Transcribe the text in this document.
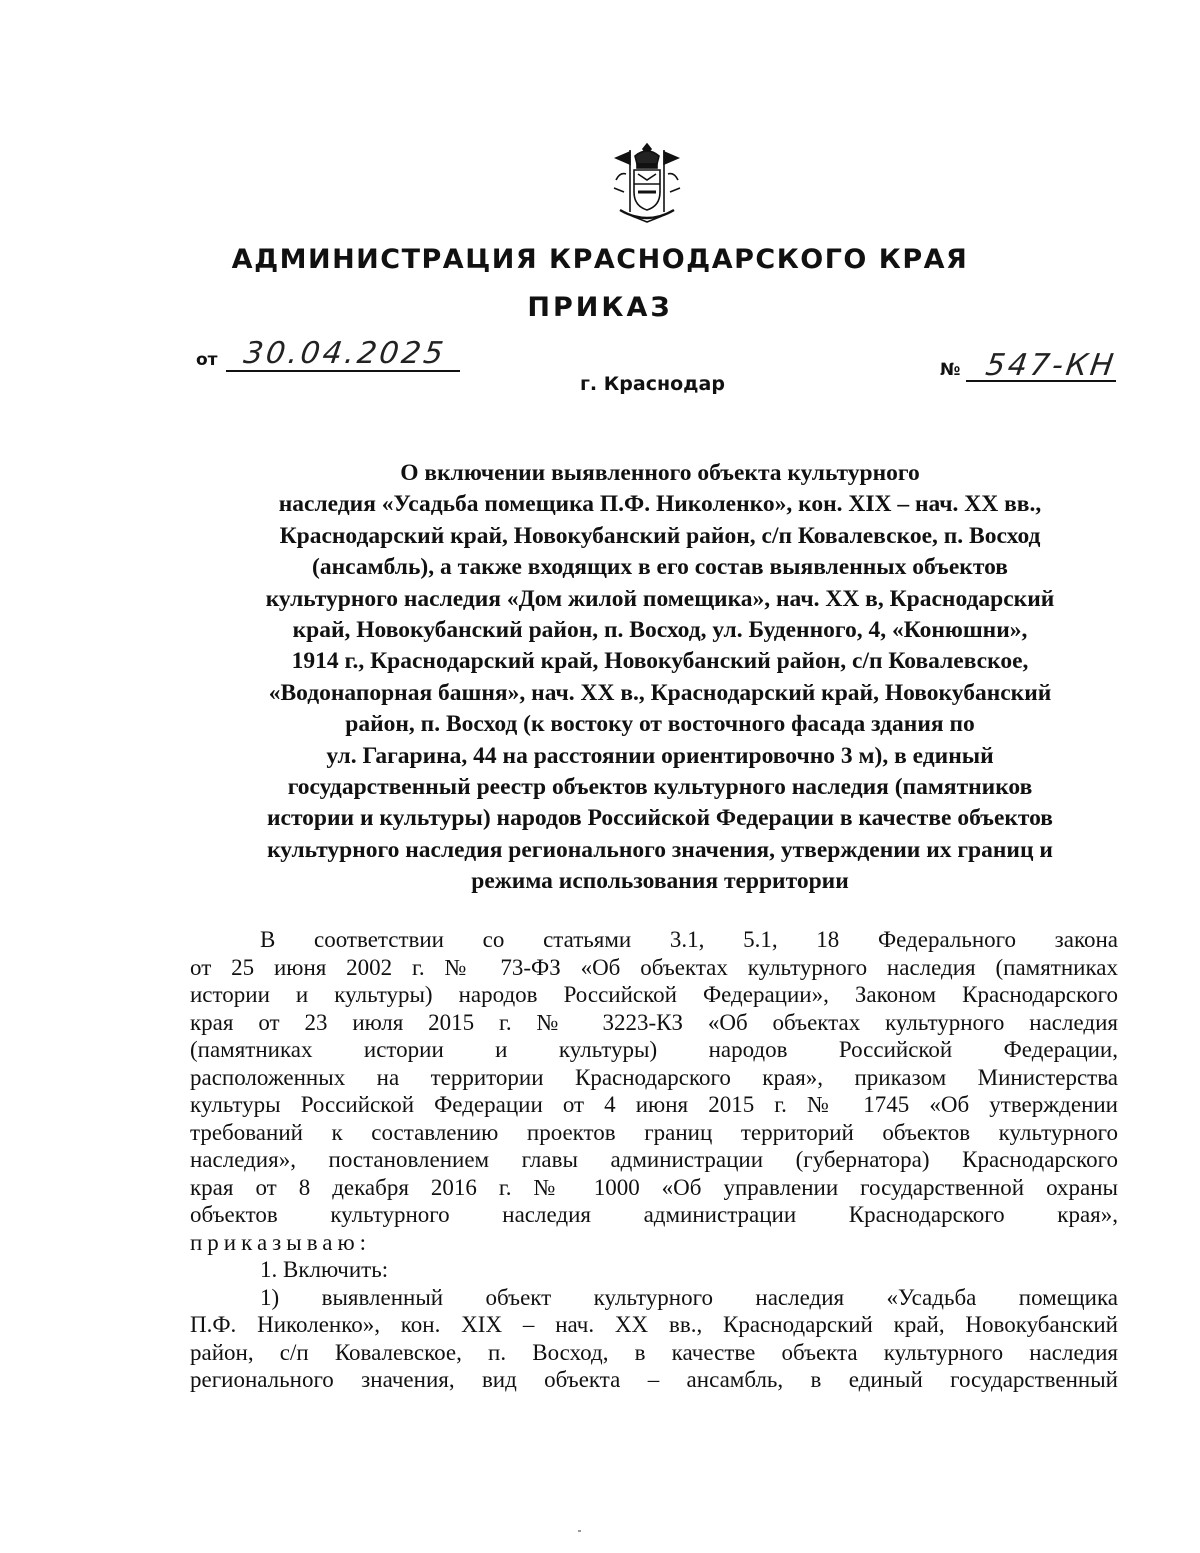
АДМИНИСТРАЦИЯ КРАСНОДАРСКОГО КРАЯ
ПРИКАЗ
от 30.04.2025
г. Краснодар
№ 547-КН
О включении выявленного объекта культурного
наследия «Усадьба помещика П.Ф. Николенко», кон. XIX – нач. XX вв.,
Краснодарский край, Новокубанский район, с/п Ковалевское, п. Восход
(ансамбль), а также входящих в его состав выявленных объектов
культурного наследия «Дом жилой помещика», нач. XX в, Краснодарский
край, Новокубанский район, п. Восход, ул. Буденного, 4, «Конюшни»,
1914 г., Краснодарский край, Новокубанский район, с/п Ковалевское,
«Водонапорная башня», нач. XX в., Краснодарский край, Новокубанский
район, п. Восход (к востоку от восточного фасада здания по
ул. Гагарина, 44 на расстоянии ориентировочно 3 м), в единый
государственный реестр объектов культурного наследия (памятников
истории и культуры) народов Российской Федерации в качестве объектов
культурного наследия регионального значения, утверждении их границ и
режима использования территории
В соответствии со статьями 3.1, 5.1, 18 Федерального закона
от 25 июня 2002 г. № 73-ФЗ «Об объектах культурного наследия (памятниках
истории и культуры) народов Российской Федерации», Законом Краснодарского
края от 23 июля 2015 г. № 3223-КЗ «Об объектах культурного наследия
(памятниках истории и культуры) народов Российской Федерации,
расположенных на территории Краснодарского края», приказом Министерства
культуры Российской Федерации от 4 июня 2015 г. № 1745 «Об утверждении
требований к составлению проектов границ территорий объектов культурного
наследия», постановлением главы администрации (губернатора) Краснодарского
края от 8 декабря 2016 г. № 1000 «Об управлении государственной охраны
объектов культурного наследия администрации Краснодарского края»,
приказываю:
1. Включить:
1) выявленный объект культурного наследия «Усадьба помещика
П.Ф. Николенко», кон. XIX – нач. XX вв., Краснодарский край, Новокубанский
район, с/п Ковалевское, п. Восход, в качестве объекта культурного наследия
регионального значения, вид объекта – ансамбль, в единый государственный
